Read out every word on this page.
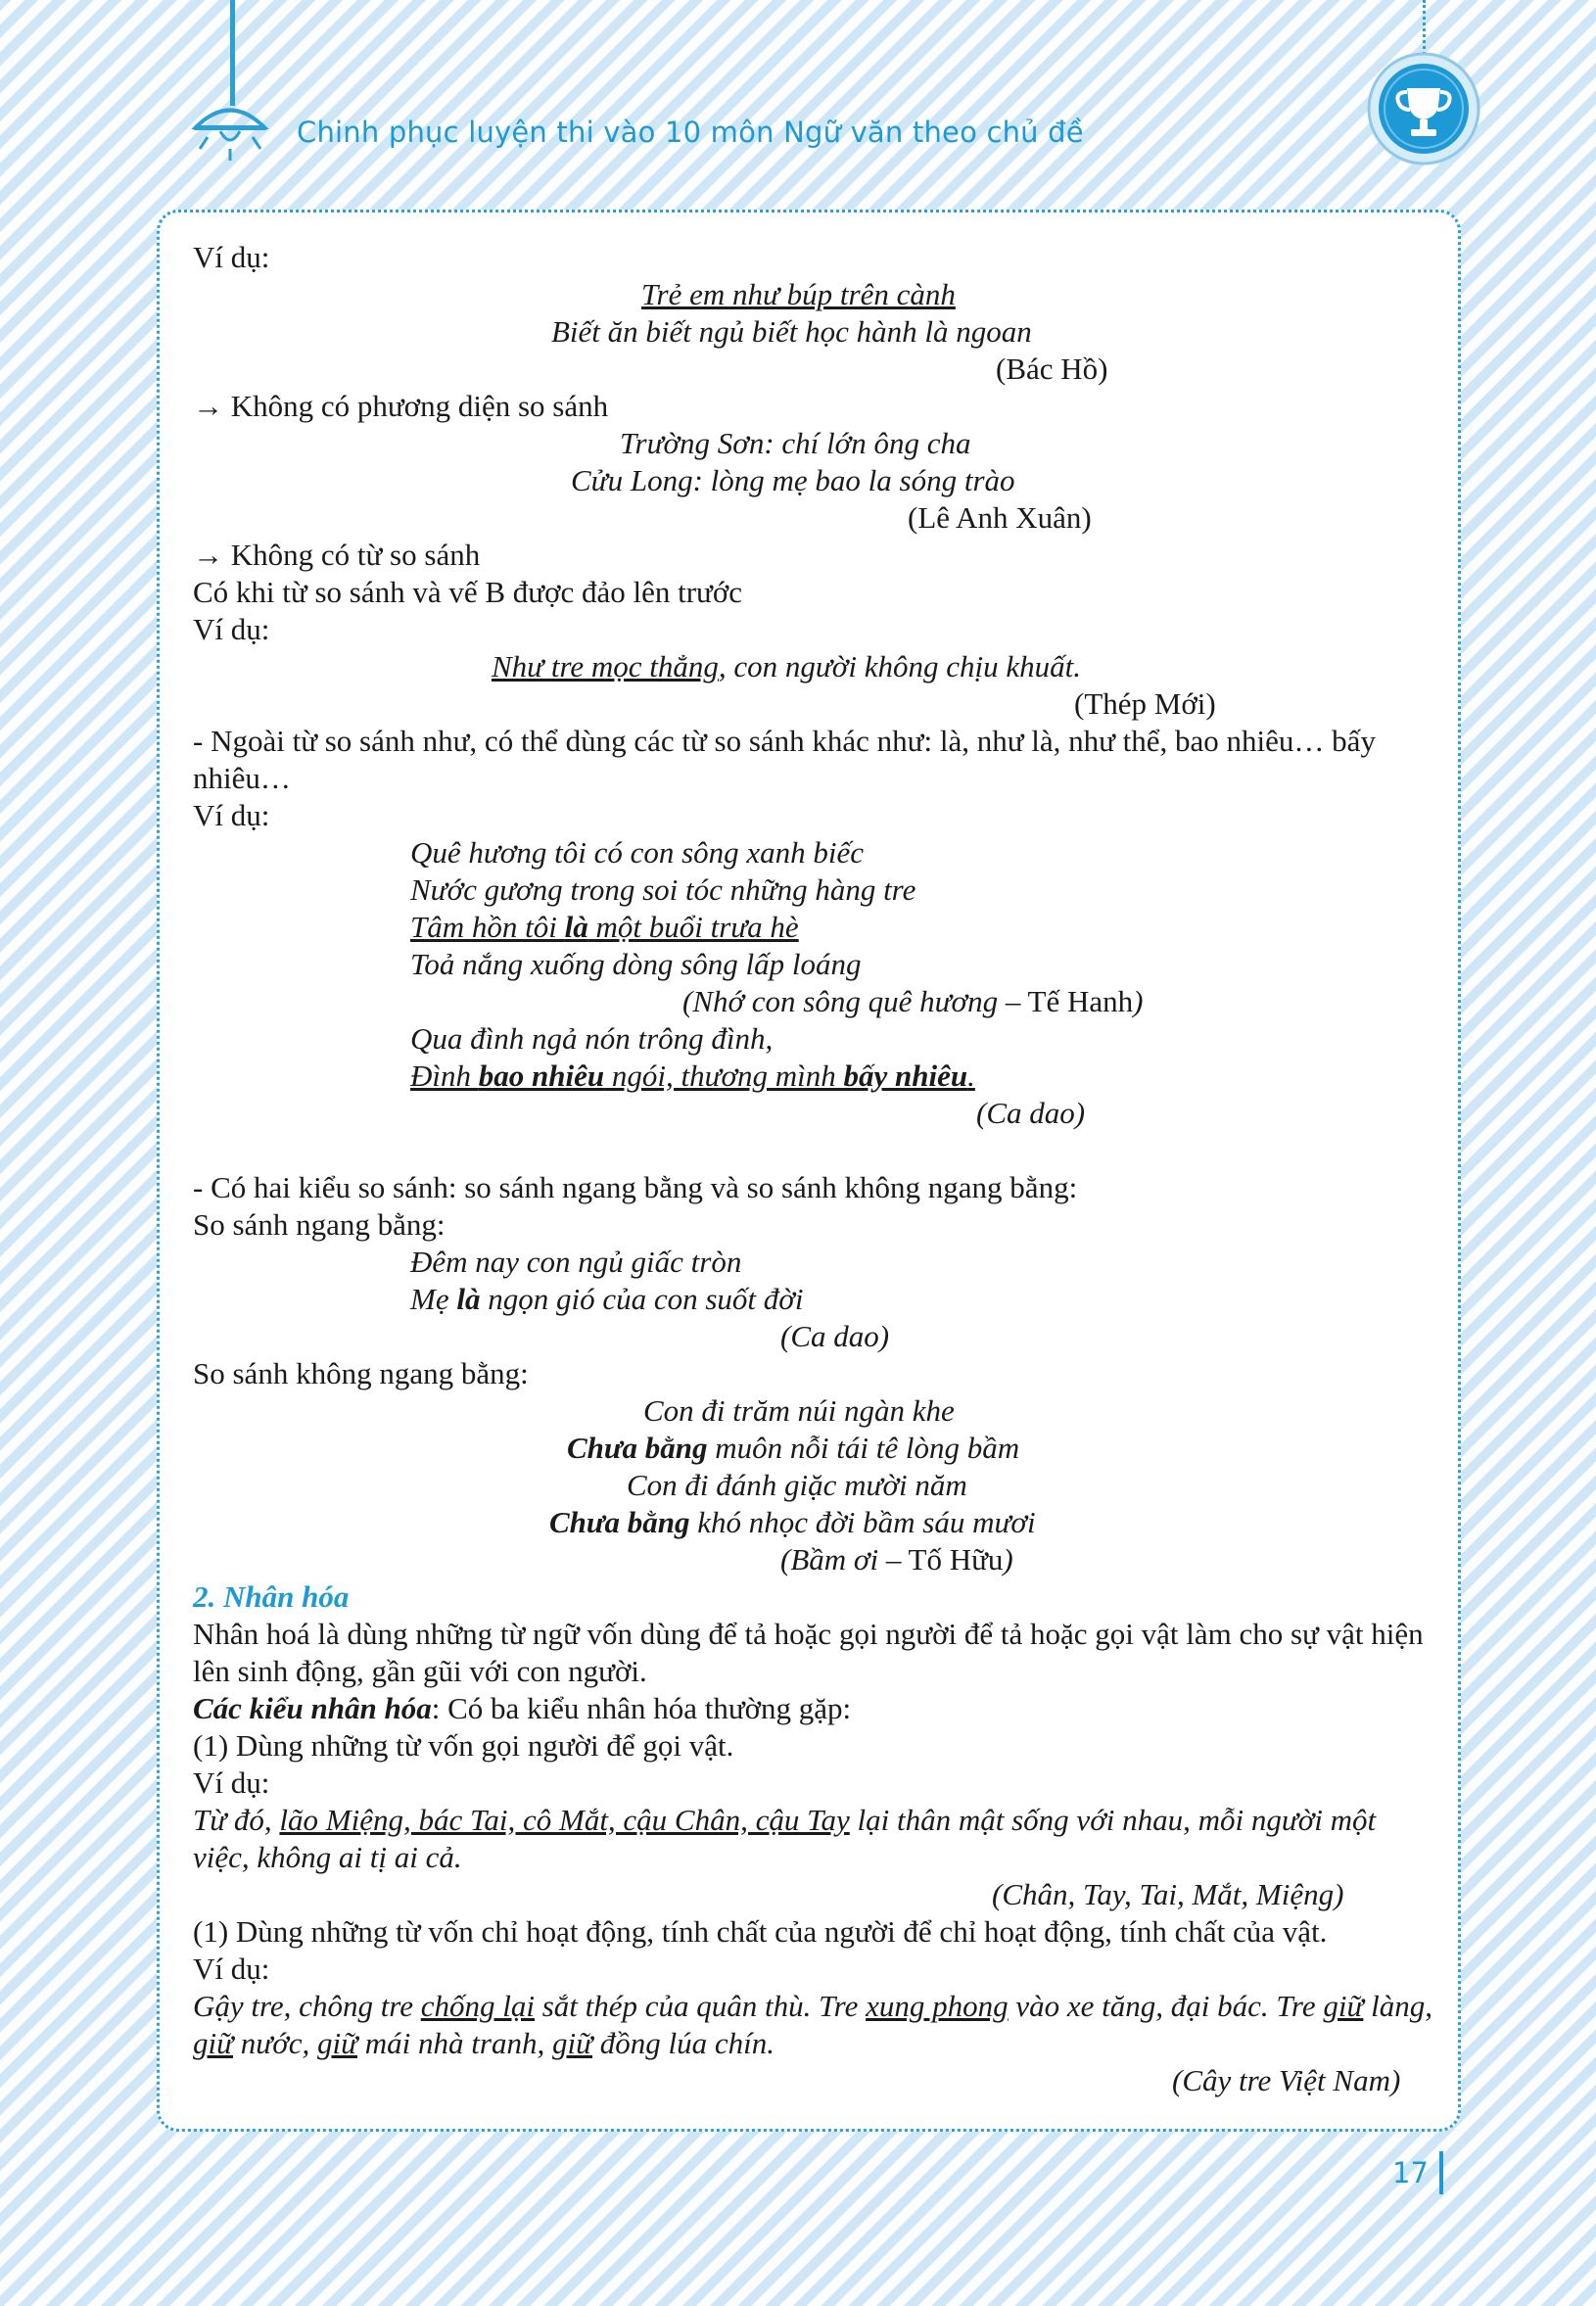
Chinh phục luyện thi vào 10 môn Ngữ văn theo chủ đề

Ví dụ:

Trẻ em như búp trên cành

Biết ăn biết ngủ biết học hành là ngoan

(Bác Hồ)

→ Không có phương diện so sánh

Trường Sơn: chí lớn ông cha

Cửu Long: lòng mẹ bao la sóng trào

(Lê Anh Xuân)

→ Không có từ so sánh

Có khi từ so sánh và vế B được đảo lên trước

Ví dụ:

Như tre mọc thẳng, con người không chịu khuất.

(Thép Mới)

- Ngoài từ so sánh như, có thể dùng các từ so sánh khác như: là, như là, như thể, bao nhiêu… bấy nhiêu…

Ví dụ:

Quê hương tôi có con sông xanh biếc

Nước gương trong soi tóc những hàng tre

Tâm hồn tôi là một buổi trưa hè

Toả nắng xuống dòng sông lấp loáng

(Nhớ con sông quê hương – Tế Hanh)

Qua đình ngả nón trông đình,

Đình bao nhiêu ngói, thương mình bấy nhiêu.

(Ca dao)

- Có hai kiểu so sánh: so sánh ngang bằng và so sánh không ngang bằng:

So sánh ngang bằng:

Đêm nay con ngủ giấc tròn

Mẹ là ngọn gió của con suốt đời

(Ca dao)

So sánh không ngang bằng:

Con đi trăm núi ngàn khe

Chưa bằng muôn nỗi tái tê lòng bầm

Con đi đánh giặc mười năm

Chưa bằng khó nhọc đời bầm sáu mươi

(Bầm ơi – Tố Hữu)

2. Nhân hóa

Nhân hoá là dùng những từ ngữ vốn dùng để tả hoặc gọi người để tả hoặc gọi vật làm cho sự vật hiện lên sinh động, gần gũi với con người.

Các kiểu nhân hóa: Có ba kiểu nhân hóa thường gặp:

(1) Dùng những từ vốn gọi người để gọi vật.

Ví dụ:

Từ đó, lão Miệng, bác Tai, cô Mắt, cậu Chân, cậu Tay lại thân mật sống với nhau, mỗi người một việc, không ai tị ai cả.

(Chân, Tay, Tai, Mắt, Miệng)

(1) Dùng những từ vốn chỉ hoạt động, tính chất của người để chỉ hoạt động, tính chất của vật.

Ví dụ:

Gậy tre, chông tre chống lại sắt thép của quân thù. Tre xung phong vào xe tăng, đại bác. Tre giữ làng, giữ nước, giữ mái nhà tranh, giữ đồng lúa chín.

(Cây tre Việt Nam)

17
